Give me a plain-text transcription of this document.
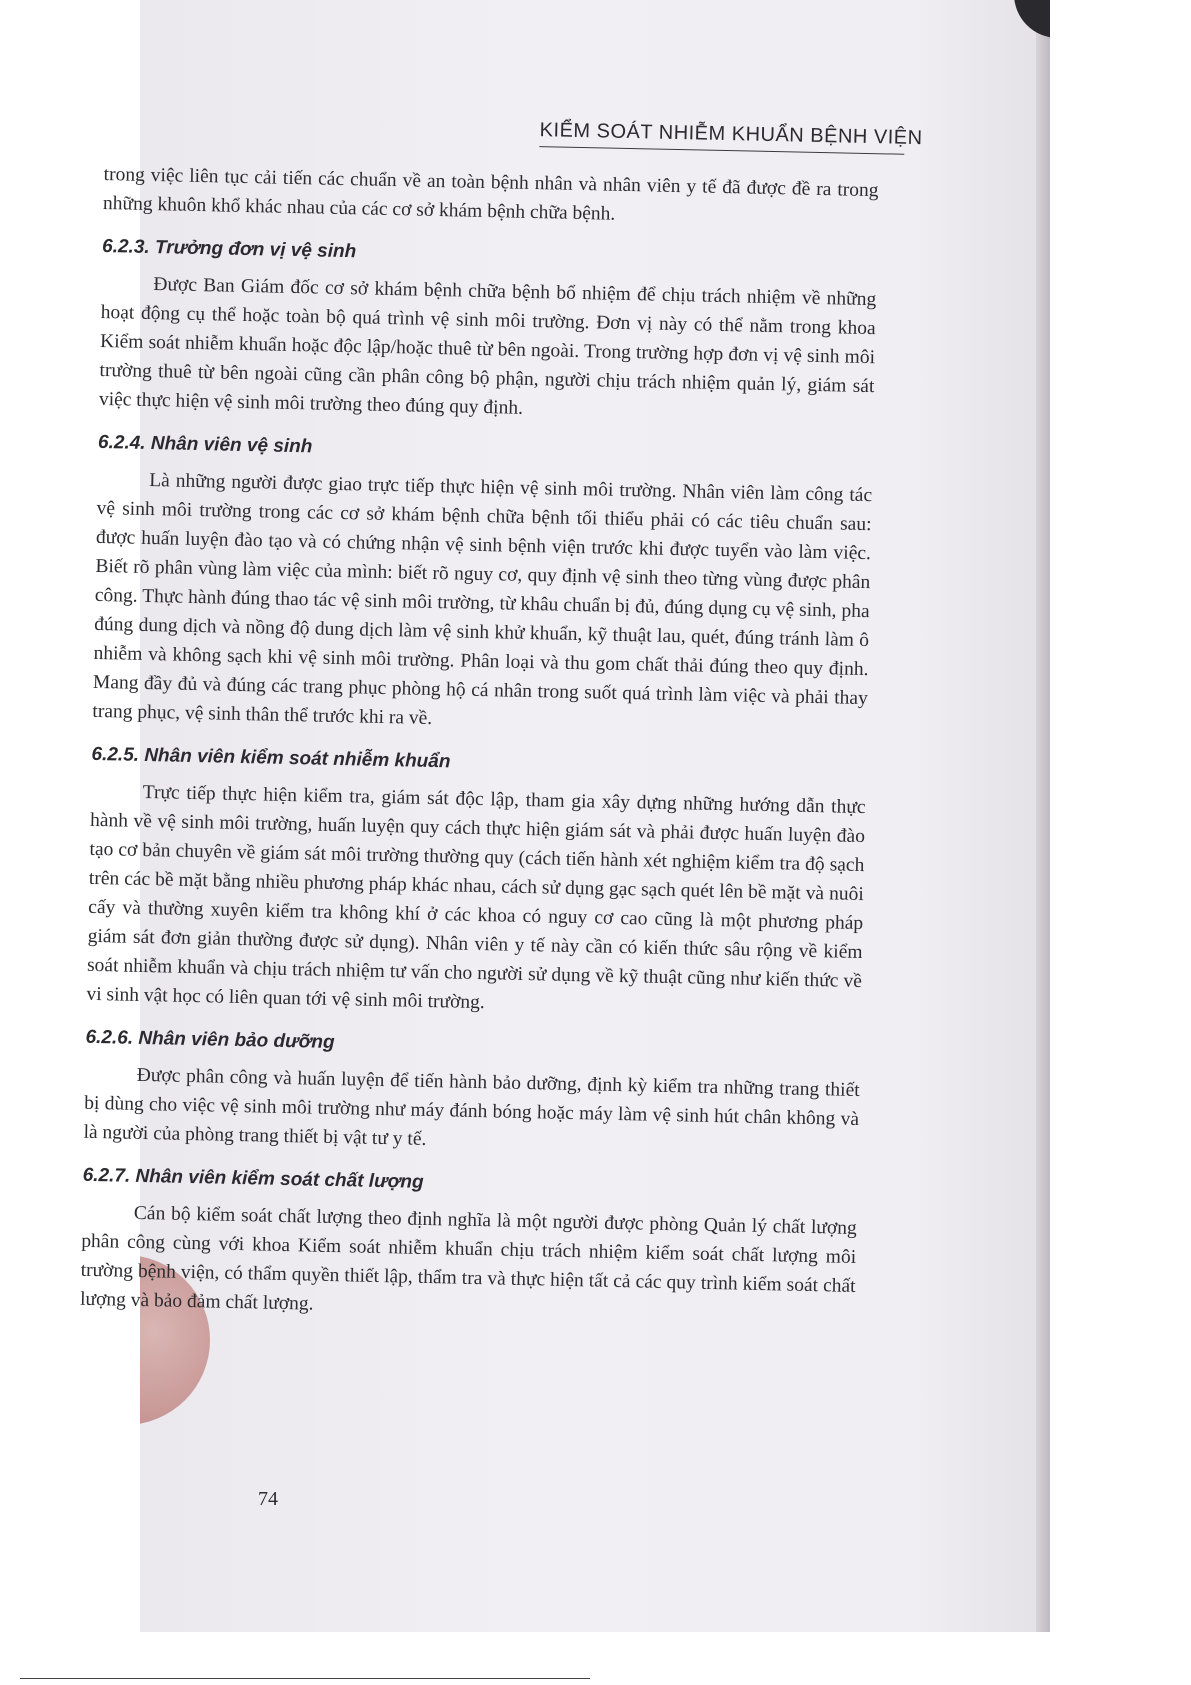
KIỂM SOÁT NHIỄM KHUẨN BỆNH VIỆN

trong việc liên tục cải tiến các chuẩn về an toàn bệnh nhân và nhân viên y tế đã được đề ra trong những khuôn khổ khác nhau của các cơ sở khám bệnh chữa bệnh.

6.2.3. Trưởng đơn vị vệ sinh

Được Ban Giám đốc cơ sở khám bệnh chữa bệnh bổ nhiệm để chịu trách nhiệm về những hoạt động cụ thể hoặc toàn bộ quá trình vệ sinh môi trường. Đơn vị này có thể nằm trong khoa Kiểm soát nhiễm khuẩn hoặc độc lập/hoặc thuê từ bên ngoài. Trong trường hợp đơn vị vệ sinh môi trường thuê từ bên ngoài cũng cần phân công bộ phận, người chịu trách nhiệm quản lý, giám sát việc thực hiện vệ sinh môi trường theo đúng quy định.

6.2.4. Nhân viên vệ sinh

Là những người được giao trực tiếp thực hiện vệ sinh môi trường. Nhân viên làm công tác vệ sinh môi trường trong các cơ sở khám bệnh chữa bệnh tối thiểu phải có các tiêu chuẩn sau: được huấn luyện đào tạo và có chứng nhận vệ sinh bệnh viện trước khi được tuyển vào làm việc. Biết rõ phân vùng làm việc của mình: biết rõ nguy cơ, quy định vệ sinh theo từng vùng được phân công. Thực hành đúng thao tác vệ sinh môi trường, từ khâu chuẩn bị đủ, đúng dụng cụ vệ sinh, pha đúng dung dịch và nồng độ dung dịch làm vệ sinh khử khuẩn, kỹ thuật lau, quét, đúng tránh làm ô nhiễm và không sạch khi vệ sinh môi trường. Phân loại và thu gom chất thải đúng theo quy định. Mang đầy đủ và đúng các trang phục phòng hộ cá nhân trong suốt quá trình làm việc và phải thay trang phục, vệ sinh thân thể trước khi ra về.

6.2.5. Nhân viên kiểm soát nhiễm khuẩn

Trực tiếp thực hiện kiểm tra, giám sát độc lập, tham gia xây dựng những hướng dẫn thực hành về vệ sinh môi trường, huấn luyện quy cách thực hiện giám sát và phải được huấn luyện đào tạo cơ bản chuyên về giám sát môi trường thường quy (cách tiến hành xét nghiệm kiểm tra độ sạch trên các bề mặt bằng nhiều phương pháp khác nhau, cách sử dụng gạc sạch quét lên bề mặt và nuôi cấy và thường xuyên kiểm tra không khí ở các khoa có nguy cơ cao cũng là một phương pháp giám sát đơn giản thường được sử dụng). Nhân viên y tế này cần có kiến thức sâu rộng về kiểm soát nhiễm khuẩn và chịu trách nhiệm tư vấn cho người sử dụng về kỹ thuật cũng như kiến thức về vi sinh vật học có liên quan tới vệ sinh môi trường.

6.2.6. Nhân viên bảo dưỡng

Được phân công và huấn luyện để tiến hành bảo dưỡng, định kỳ kiểm tra những trang thiết bị dùng cho việc vệ sinh môi trường như máy đánh bóng hoặc máy làm vệ sinh hút chân không và là người của phòng trang thiết bị vật tư y tế.

6.2.7. Nhân viên kiểm soát chất lượng

Cán bộ kiểm soát chất lượng theo định nghĩa là một người được phòng Quản lý chất lượng phân công cùng với khoa Kiểm soát nhiễm khuẩn chịu trách nhiệm kiểm soát chất lượng môi trường bệnh viện, có thẩm quyền thiết lập, thẩm tra và thực hiện tất cả các quy trình kiểm soát chất lượng và bảo đảm chất lượng.

74
